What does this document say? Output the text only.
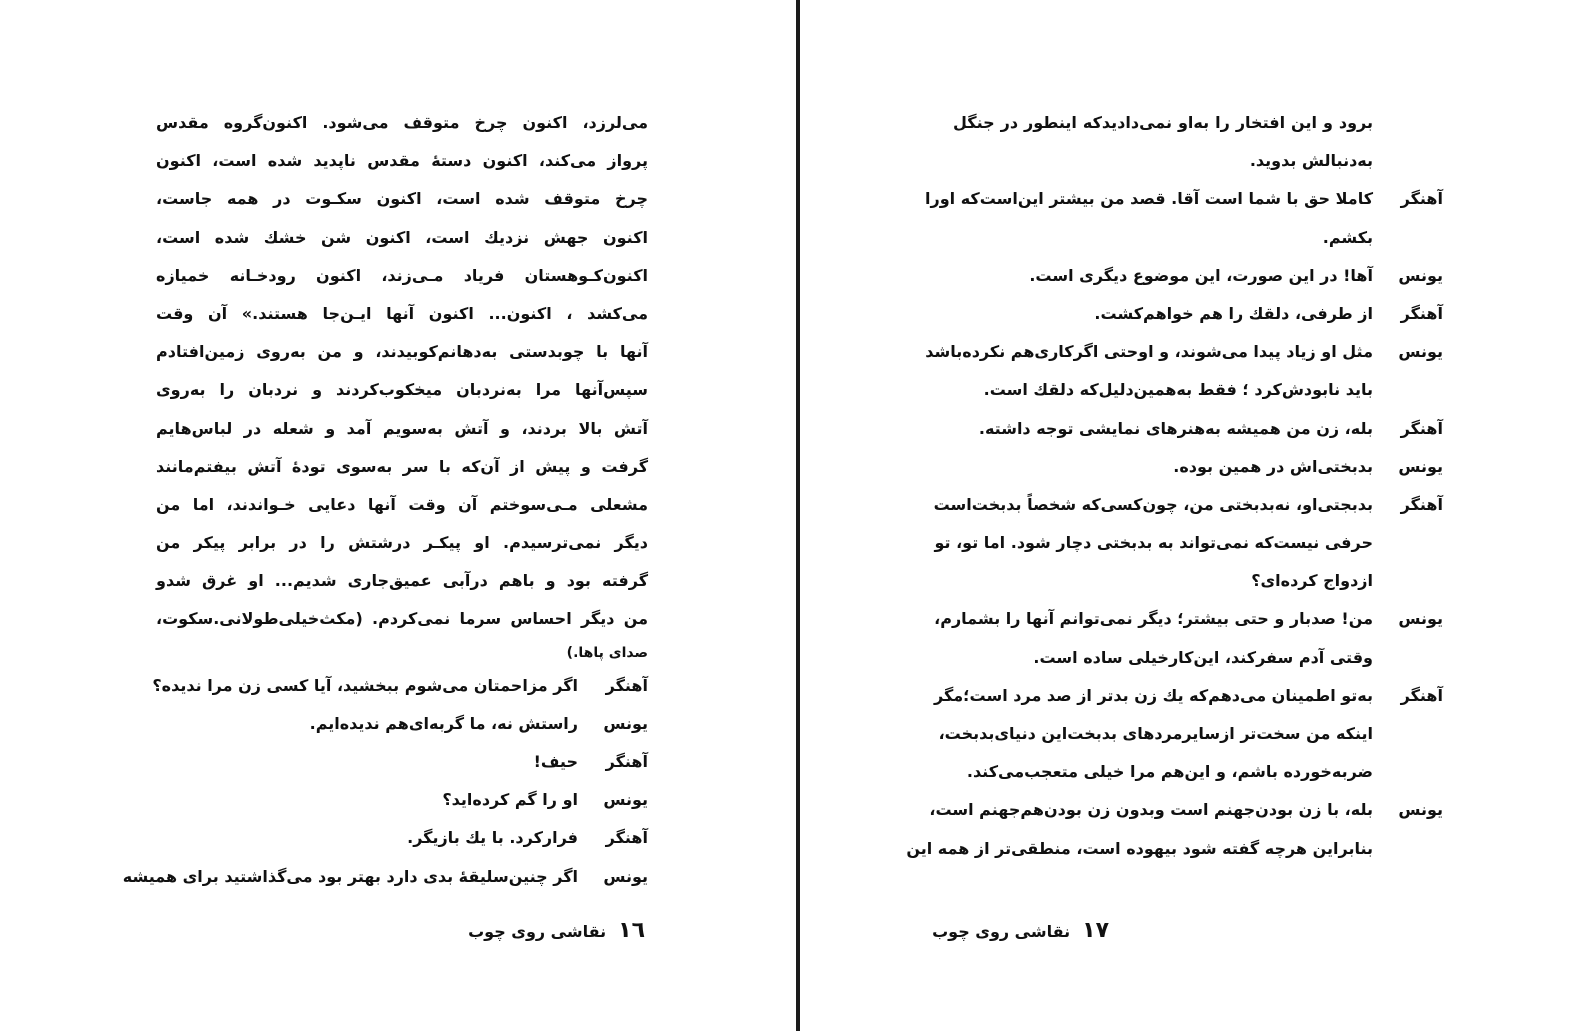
می‌لرزد، اکنون چرخ متوقف می‌شود. اکنون‌گروه مقدس
پرواز می‌کند، اکنون دستهٔ مقدس ناپدید شده است، اکنون
چرخ متوقف شده است، اکنون سکـوت در همه جاست،
اکنون جهش نزدیك است، اکنون شن خشك شده است،
اکنون‌کـوهستان فریاد مـی‌زند، اکنون رودخـانه خمیازه
می‌کشد ، اکنون... اکنون آنها ایـن‌جا هستند.» آن‌ وقت
آنها با چوبدستی به‌دهانم‌کوبیدند، و من به‌روی زمین‌افتادم
سپس‌آنها مرا به‌نردبان میخکوب‌کردند و نردبان را به‌روی
آتش بالا بردند، و آتش به‌سویم آمد و شعله در لباس‌هایم
گرفت و پیش از آن‌که با سر به‌سوی تودهٔ آتش بیفتم‌مانند
مشعلی مـی‌سوختم آن وقت آنها دعایی خـواندند، اما من
دیگر نمی‌ترسیدم. او پیکـر درشتش را در برابر پیکر من
گرفته بود و باهم درآبی عمیق‌جاری شدیم... او غرق شدو
من دیگر احساس سرما نمی‌کردم. (مکث‌خیلی‌طولانی.سکوت،
صدای پاها.)
آهنگر
اگر مزاحمتان می‌شوم ببخشید، آیا کسی زن مرا ندیده؟
یونس
راستش نه، ما گربه‌ای‌هم ندیده‌ایم.
آهنگر
حیف!
یونس
او را گم کرده‌اید؟
آهنگر
فرار‌کرد. با یك بازیگر.
یونس
اگر چنین‌سلیقهٔ بدی دارد بهتر بود می‌گذاشتید برای همیشه
١٦نقاشی روی چوب
برود و این افتخار را به‌او نمی‌دادید‌که اینطور در جنگل
به‌دنبالش بدوید.
آهنگر
کاملا حق با شما است آقا. قصد من بیشتر این‌است‌که اورا
بکشم.
یونس
آها! در این صورت، این موضوع دیگری است.
آهنگر
از طرفی، دلقك را هم خواهم‌کشت.
یونس
مثل او زیاد پیدا می‌شوند، و اوحتی اگر‌کاری‌هم نکرده‌باشد
باید نابودش‌کرد ؛ فقط به‌همین‌دلیل‌که دلقك است.
آهنگر
بله، زن من همیشه به‌هنرهای نمایشی توجه داشته.
یونس
بدبختی‌اش در همین بوده.
آهنگر
بدبجتی‌او، نه‌بدبختی من، چون‌کسی‌که شخصاً بدبخت‌است
حرفی نیست‌که نمی‌تواند به بدبختی دچار شود. اما تو، تو
ازدواج کرده‌ای؟
یونس
من! صدبار و حتی بیشتر؛ دیگر نمی‌توانم آنها را بشمارم،
وقتی آدم سفر‌کند، این‌کارخیلی ساده است.
آهنگر
به‌تو اطمینان می‌دهم‌که یك زن بدتر از صد مرد است؛مگر
اینکه من سخت‌تر ازسایرمردهای بدبخت‌این دنیای‌بدبخت،
ضربه‌خورده باشم، و این‌هم مرا خیلی متعجب‌می‌کند.
یونس
بله، با زن بودن‌جهنم است وبدون زن بودن‌هم‌جهنم است،
بنابراین هرچه گفته شود بیهوده است، منطقی‌تر از همه این
١٧نقاشی روی چوب
